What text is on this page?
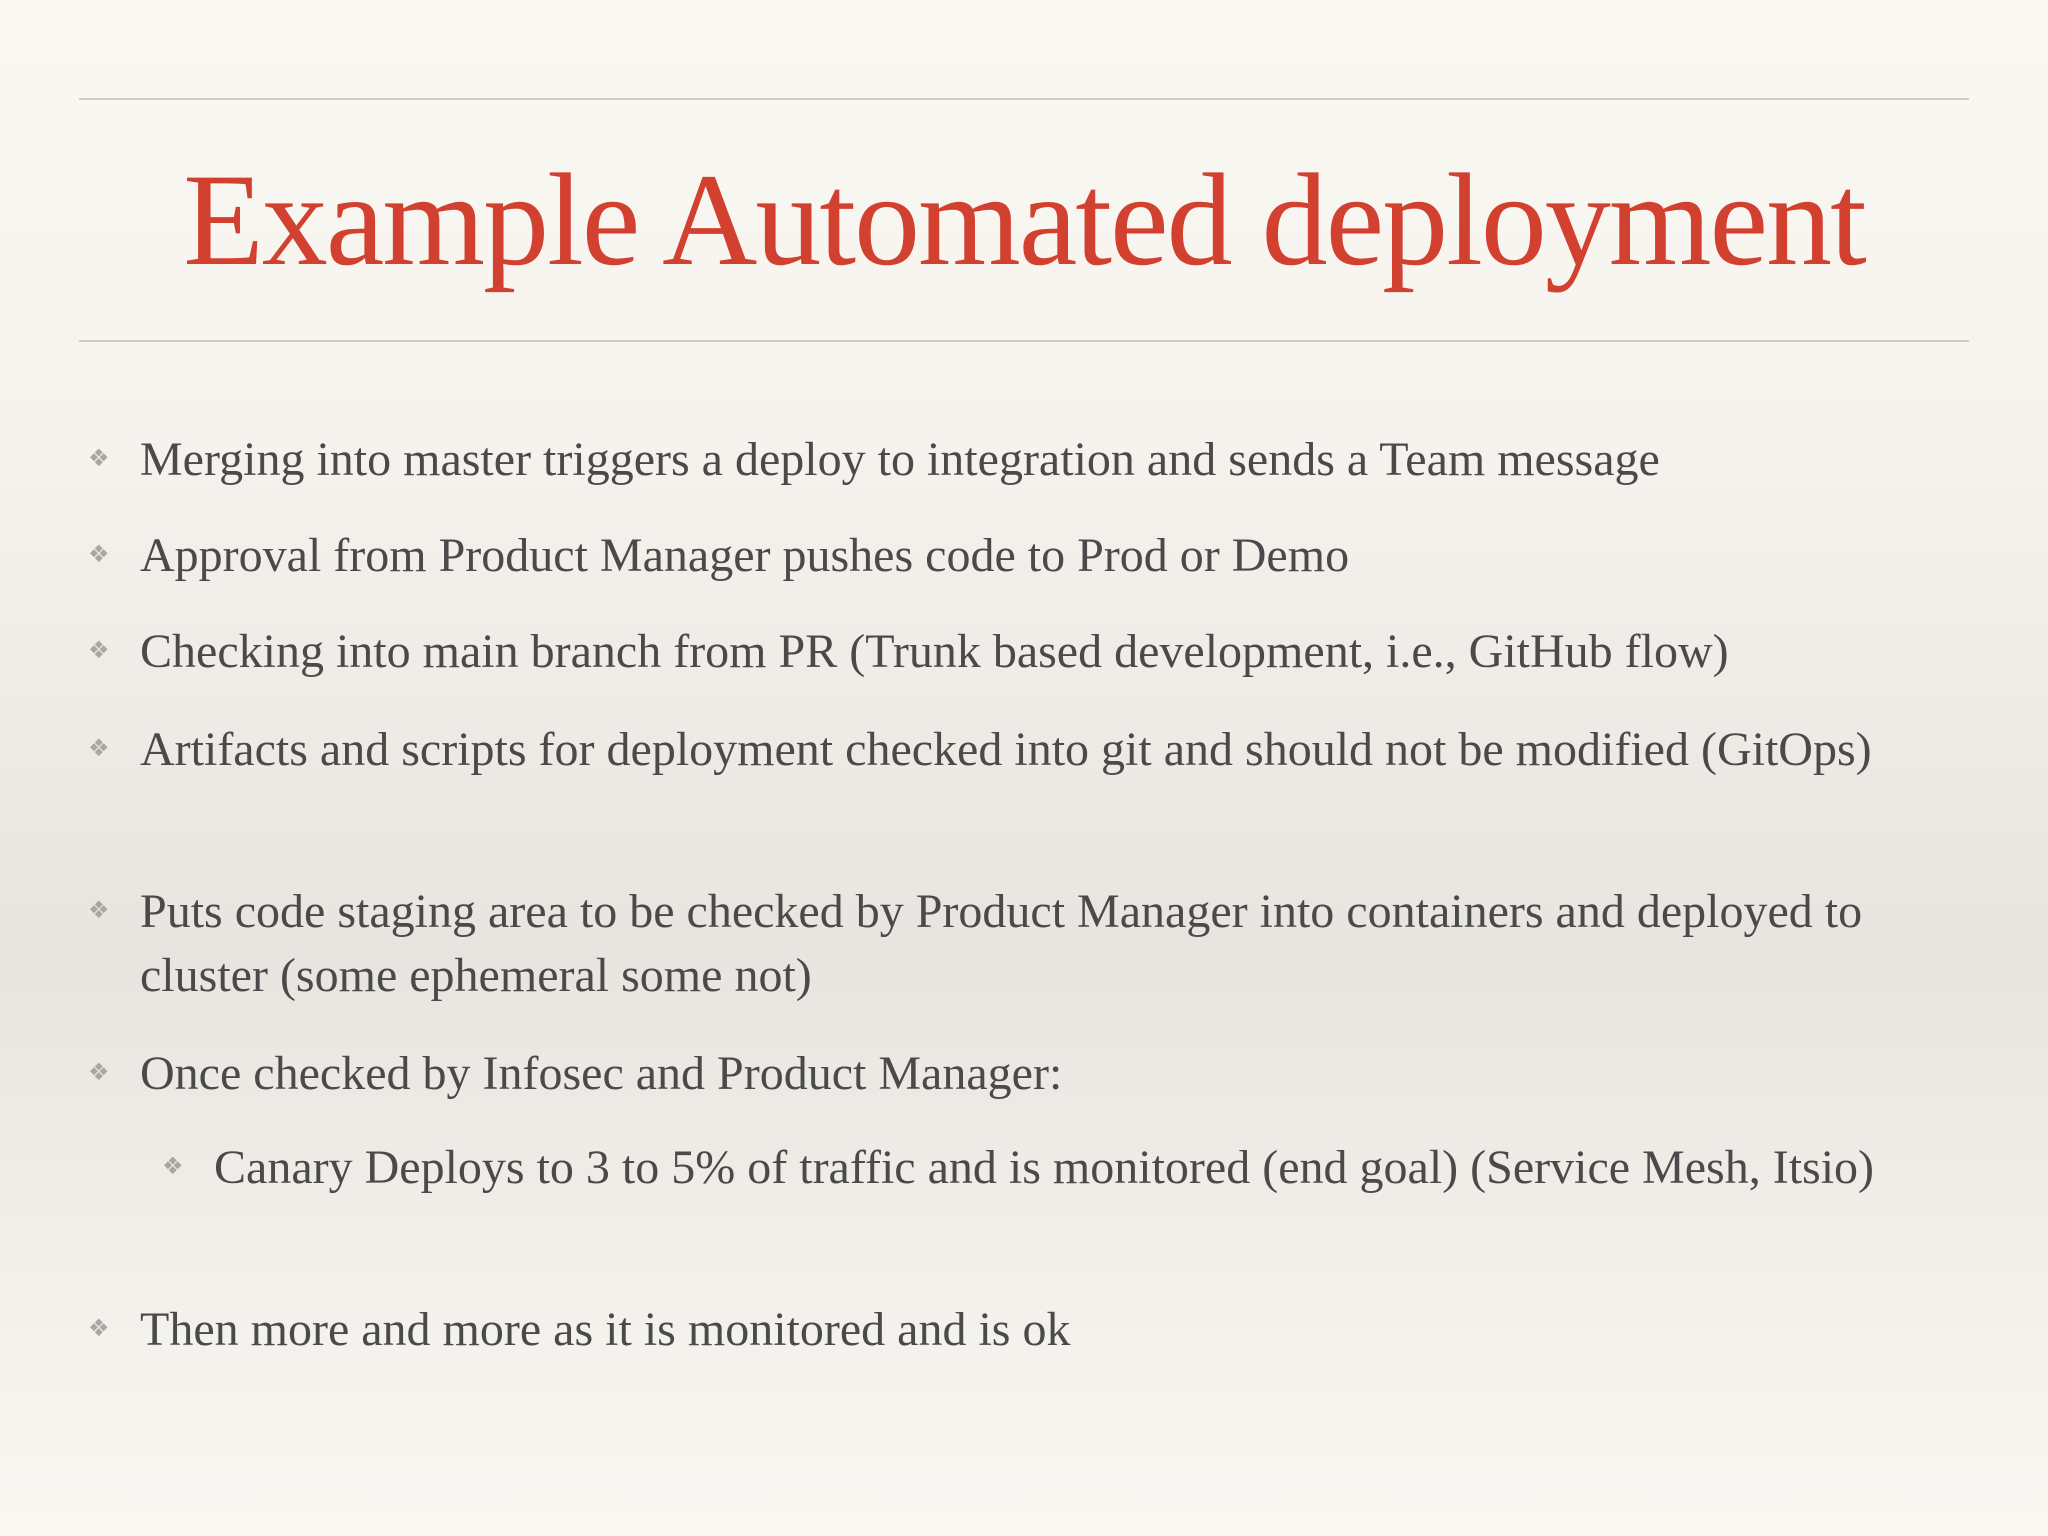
Example Automated deployment
❖ Merging into master triggers a deploy to integration and sends a Team message
❖ Approval from Product Manager pushes code to Prod or Demo
❖ Checking into main branch from PR (Trunk based development, i.e., GitHub flow)
❖ Artifacts and scripts for deployment checked into git and should not be modified (GitOps)
❖ Puts code staging area to be checked by Product Manager into containers and deployed to cluster (some ephemeral some not)
❖ Once checked by Infosec and Product Manager:
❖ Canary Deploys to 3 to 5% of traffic and is monitored (end goal) (Service Mesh, Itsio)
❖ Then more and more as it is monitored and is ok
